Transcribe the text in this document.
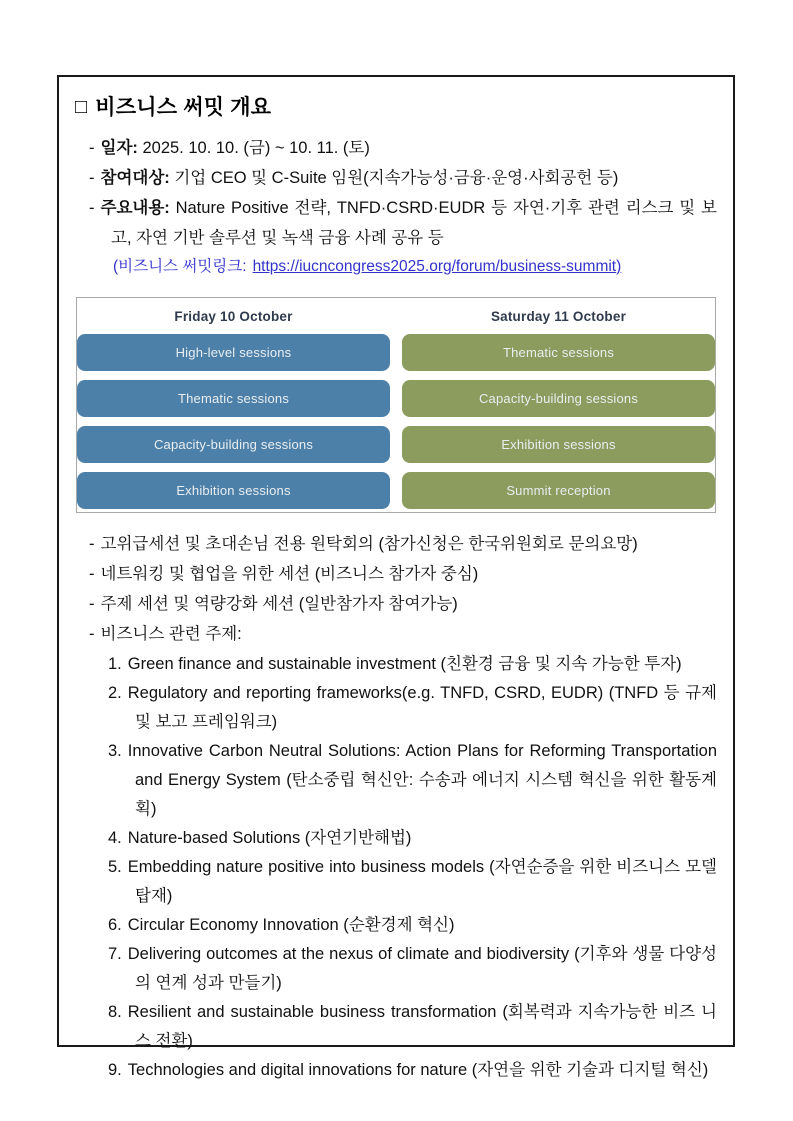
□ 비즈니스 써밋 개요
- 일자: 2025. 10. 10. (금) ~ 10. 11. (토)
- 참여대상: 기업 CEO 및 C-Suite 임원(지속가능성·금융·운영·사회공헌 등)
- 주요내용: Nature Positive 전략, TNFD·CSRD·EUDR 등 자연·기후 관련 리스크 및 보고, 자연 기반 솔루션 및 녹색 금융 사례 공유 등
(비즈니스 써밋링크: https://iucncongress2025.org/forum/business-summit)
Friday 10 October
High-level sessions
Thematic sessions
Capacity-building sessions
Exhibition sessions
Saturday 11 October
Thematic sessions
Capacity-building sessions
Exhibition sessions
Summit reception
- 고위급세션 및 초대손님 전용 원탁회의 (참가신청은 한국위원회로 문의요망)
- 네트워킹 및 협업을 위한 세션 (비즈니스 참가자 중심)
- 주제 세션 및 역량강화 세션 (일반참가자 참여가능)
- 비즈니스 관련 주제:
1. Green finance and sustainable investment (친환경 금융 및 지속 가능한 투자)
2. Regulatory and reporting frameworks(e.g. TNFD, CSRD, EUDR) (TNFD 등 규제 및 보고 프레임워크)
3. Innovative Carbon Neutral Solutions: Action Plans for Reforming Transportation and Energy System (탄소중립 혁신안: 수송과 에너지 시스템 혁신을 위한 활동계획)
4. Nature-based Solutions (자연기반해법)
5. Embedding nature positive into business models (자연순증을 위한 비즈니스 모델 탑재)
6. Circular Economy Innovation (순환경제 혁신)
7. Delivering outcomes at the nexus of climate and biodiversity (기후와 생물 다양성의 연계 성과 만들기)
8. Resilient and sustainable business transformation (회복력과 지속가능한 비즈 니스 전환)
9. Technologies and digital innovations for nature (자연을 위한 기술과 디지털 혁신)
